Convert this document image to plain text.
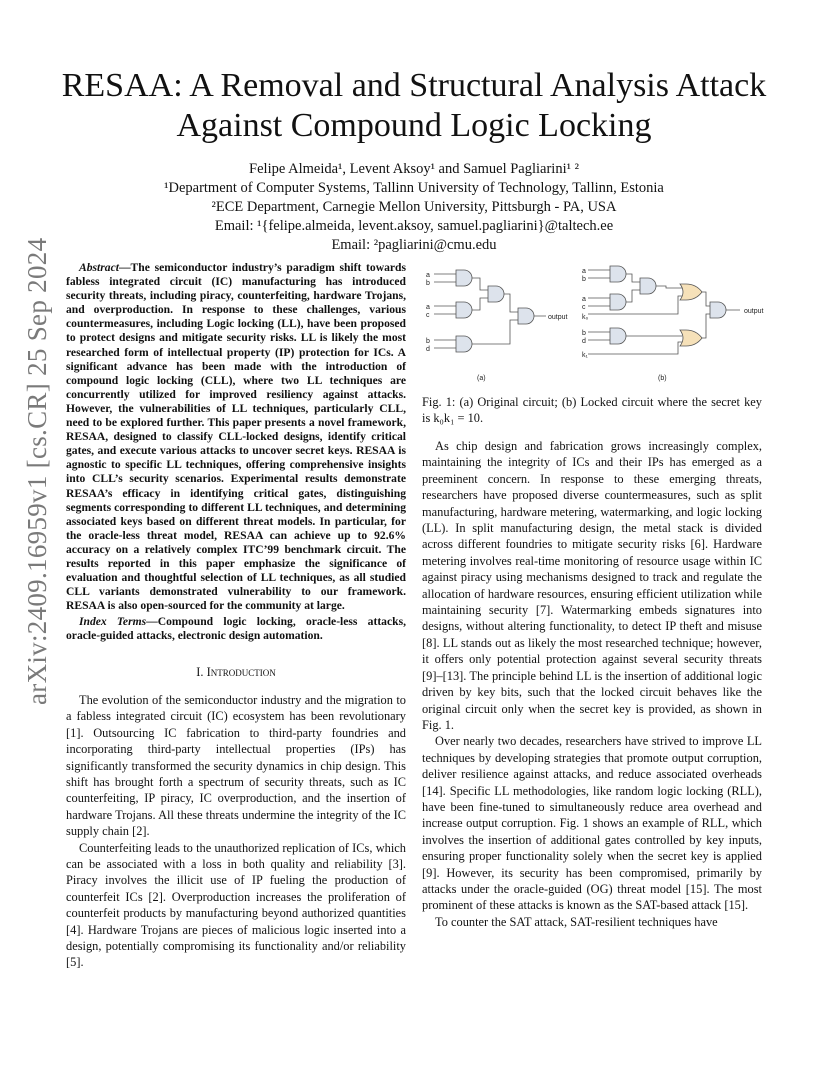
arXiv:2409.16959v1 [cs.CR] 25 Sep 2024
RESAA: A Removal and Structural Analysis Attack
Against Compound Logic Locking
Felipe Almeida¹, Levent Aksoy¹ and Samuel Pagliarini¹ ²
¹Department of Computer Systems, Tallinn University of Technology, Tallinn, Estonia
²ECE Department, Carnegie Mellon University, Pittsburgh - PA, USA
Email: ¹{felipe.almeida, levent.aksoy, samuel.pagliarini}@taltech.ee
Email: ²pagliarini@cmu.edu

Abstract—The semiconductor industry’s paradigm shift towards fabless integrated circuit (IC) manufacturing has introduced security threats, including piracy, counterfeiting, hardware Trojans, and overproduction. In response to these challenges, various countermeasures, including Logic locking (LL), have been proposed to protect designs and mitigate security risks. LL is likely the most researched form of intellectual property (IP) protection for ICs. A significant advance has been made with the introduction of compound logic locking (CLL), where two LL techniques are concurrently utilized for improved resiliency against attacks. However, the vulnerabilities of LL techniques, particularly CLL, need to be explored further. This paper presents a novel framework, RESAA, designed to classify CLL-locked designs, identify critical gates, and execute various attacks to uncover secret keys. RESAA is agnostic to specific LL techniques, offering comprehensive insights into CLL’s security scenarios. Experimental results demonstrate RESAA’s efficacy in identifying critical gates, distinguishing segments corresponding to different LL techniques, and determining associated keys based on different threat models. In particular, for the oracle-less threat model, RESAA can achieve up to 92.6% accuracy on a relatively complex ITC’99 benchmark circuit. The results reported in this paper emphasize the significance of evaluation and thoughtful selection of LL techniques, as all studied CLL variants demonstrated vulnerability to our framework. RESAA is also open-sourced for the community at large.

Index Terms—Compound logic locking, oracle-less attacks, oracle-guided attacks, electronic design automation.

I. Introduction

The evolution of the semiconductor industry and the migration to a fabless integrated circuit (IC) ecosystem has been revolutionary [1]. Outsourcing IC fabrication to third-party foundries and incorporating third-party intellectual properties (IPs) has significantly transformed the security dynamics in chip design. This shift has brought forth a spectrum of security threats, such as IC counterfeiting, IP piracy, IC overproduction, and the insertion of hardware Trojans. All these threats undermine the integrity of the IC supply chain [2].

Counterfeiting leads to the unauthorized replication of ICs, which can be associated with a loss in both quality and reliability [3]. Piracy involves the illicit use of IP fueling the production of counterfeit ICs [2]. Overproduction increases the proliferation of counterfeit products by manufacturing beyond authorized quantities [4]. Hardware Trojans are pieces of malicious logic inserted into a design, potentially compromising its functionality and/or reliability [5].

a
b
a
c
b
d
output
(a)
a
b
a
c
k₀
b
d
k₁
output
(b)
Fig. 1: (a) Original circuit; (b) Locked circuit where the secret key is k₀k₁ = 10.

As chip design and fabrication grows increasingly complex, maintaining the integrity of ICs and their IPs has emerged as a preeminent concern. In response to these emerging threats, researchers have proposed diverse countermeasures, such as split manufacturing, hardware metering, watermarking, and logic locking (LL). In split manufacturing design, the metal stack is divided across different foundries to mitigate security risks [6]. Hardware metering involves real-time monitoring of resource usage within IC against piracy using mechanisms designed to track and regulate the allocation of hardware resources, ensuring efficient utilization while maintaining security [7]. Watermarking embeds signatures into designs, without altering functionality, to detect IP theft and misuse [8]. LL stands out as likely the most researched technique; however, it offers only potential protection against several security threats [9]–[13]. The principle behind LL is the insertion of additional logic driven by key bits, such that the locked circuit behaves like the original circuit only when the secret key is provided, as shown in Fig. 1.

Over nearly two decades, researchers have strived to improve LL techniques by developing strategies that promote output corruption, deliver resilience against attacks, and reduce associated overheads [14]. Specific LL methodologies, like random logic locking (RLL), have been fine-tuned to simultaneously reduce area overhead and increase output corruption. Fig. 1 shows an example of RLL, which involves the insertion of additional gates controlled by key inputs, ensuring proper functionality solely when the secret key is applied [9]. However, its security has been compromised, primarily by attacks under the oracle-guided (OG) threat model [15]. The most prominent of these attacks is known as the SAT-based attack [15].

To counter the SAT attack, SAT-resilient techniques have
